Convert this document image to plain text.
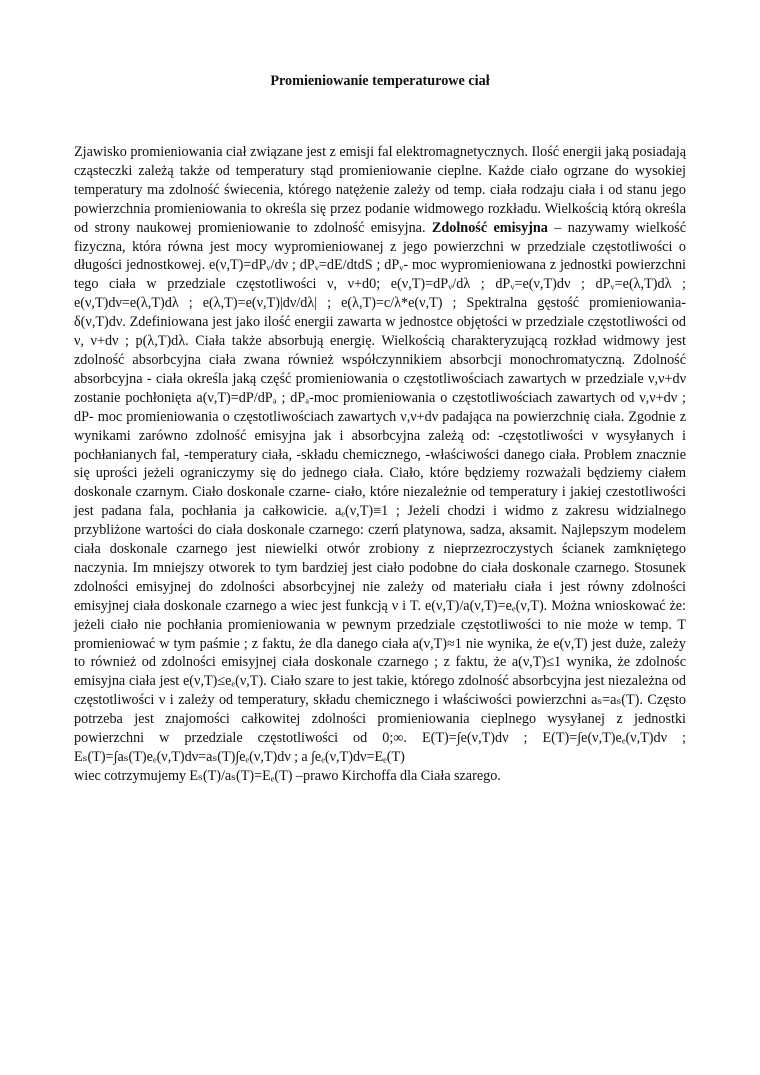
Promieniowanie temperaturowe ciał

Zjawisko promieniowania ciał związane jest z emisji fal elektromagnetycznych. Ilość energii jaką posiadają cząsteczki zależą także od temperatury stąd promieniowanie cieplne. Każde ciało ogrzane do wysokiej temperatury ma zdolność świecenia, którego natężenie zależy od temp. ciała rodzaju ciała i od stanu jego powierzchnia promieniowania to określa się przez podanie widmowego rozkładu. Wielkością którą określa od strony naukowej promieniowanie to zdolność emisyjna. Zdolność emisyjna – nazywamy wielkość fizyczna, która równa jest mocy wypromieniowanej z jego powierzchni w przedziale częstotliwości o długości jednostkowej. e(ν,T)=dPᵥ/dν ; dPᵥ=dE/dtdS ; dPᵥ- moc wypromieniowana z jednostki powierzchni tego ciała w przedziale częstotliwości ν, ν+d0; e(ν,T)=dPᵥ/dλ ; dPᵥ=e(ν,T)dν ; dPᵥ=e(λ,T)dλ ; e(ν,T)dν=e(λ,T)dλ ; e(λ,T)=e(ν,T)|dν/dλ| ; e(λ,T)=c/λ*e(ν,T) ; Spektralna gęstość promieniowania- δ(ν,T)dν. Zdefiniowana jest jako ilość energii zawarta w jednostce objętości w przedziale częstotliwości od ν, ν+dν ; p(λ,T)dλ. Ciała także absorbują energię. Wielkością charakteryzującą rozkład widmowy jest zdolność absorbcyjna ciała zwana również współczynnikiem absorbcji monochromatyczną. Zdolność absorbcyjna - ciała określa jaką część promieniowania o częstotliwościach zawartych w przedziale ν,ν+dν zostanie pochłonięta a(ν,T)=dP/dPₐ ; dPₐ-moc promieniowania o częstotliwościach zawartych od ν,ν+dν ; dP- moc promieniowania o częstotliwościach zawartych ν,ν+dν padająca na powierzchnię ciała. Zgodnie z wynikami zarówno zdolność emisyjna jak i absorbcyjna zależą od: -częstotliwości ν wysyłanych i pochłanianych fal, -temperatury ciała, -składu chemicznego, -właściwości danego ciała. Problem znacznie się uprości jeżeli ograniczymy się do jednego ciała. Ciało, które będziemy rozważali będziemy ciałem doskonale czarnym. Ciało doskonale czarne- ciało, które niezależnie od temperatury i jakiej czestotliwości jest padana fala, pochłania ja całkowicie. aₑ(ν,T)≡1 ; Jeżeli chodzi i widmo z zakresu widzialnego przybliżone wartości do ciała doskonale czarnego: czerń platynowa, sadza, aksamit. Najlepszym modelem ciała doskonale czarnego jest niewielki otwór zrobiony z nieprzezroczystych ścianek zamkniętego naczynia. Im mniejszy otworek to tym bardziej jest ciało podobne do ciała doskonale czarnego. Stosunek zdolności emisyjnej do zdolności absorbcyjnej nie zależy od materiału ciała i jest równy zdolności emisyjnej ciała doskonale czarnego a wiec jest funkcją ν i T. e(ν,T)/a(ν,T)=eₑ(ν,T). Można wnioskować że: jeżeli ciało nie pochłania promieniowania w pewnym przedziale częstotliwości to nie może w temp. T promieniować w tym paśmie ; z faktu, że dla danego ciała a(ν,T)≈1 nie wynika, że e(ν,T) jest duże, zależy to również od zdolności emisyjnej ciała doskonale czarnego ; z faktu, że a(ν,T)≤1 wynika, że zdolnośc emisyjna ciała jest e(ν,T)≤eₑ(ν,T). Ciało szare to jest takie, którego zdolność absorbcyjna jest niezależna od częstotliwości ν i zależy od temperatury, składu chemicznego i właściwości powierzchni aₛ=aₛ(T). Często potrzeba jest znajomości całkowitej zdolności promieniowania cieplnego wysyłanej z jednostki powierzchni w przedziale częstotliwości od 0;∞. E(T)=∫e(ν,T)dν ; E(T)=∫e(ν,T)eₑ(ν,T)dν ; Eₛ(T)=∫aₛ(T)eₑ(ν,T)dν=aₛ(T)∫eₑ(ν,T)dν ; a ∫eₑ(ν,T)dν=Eₑ(T)

wiec cotrzymujemy Eₛ(T)/aₛ(T)=Eₑ(T) –prawo Kirchoffa dla Ciała szarego.
